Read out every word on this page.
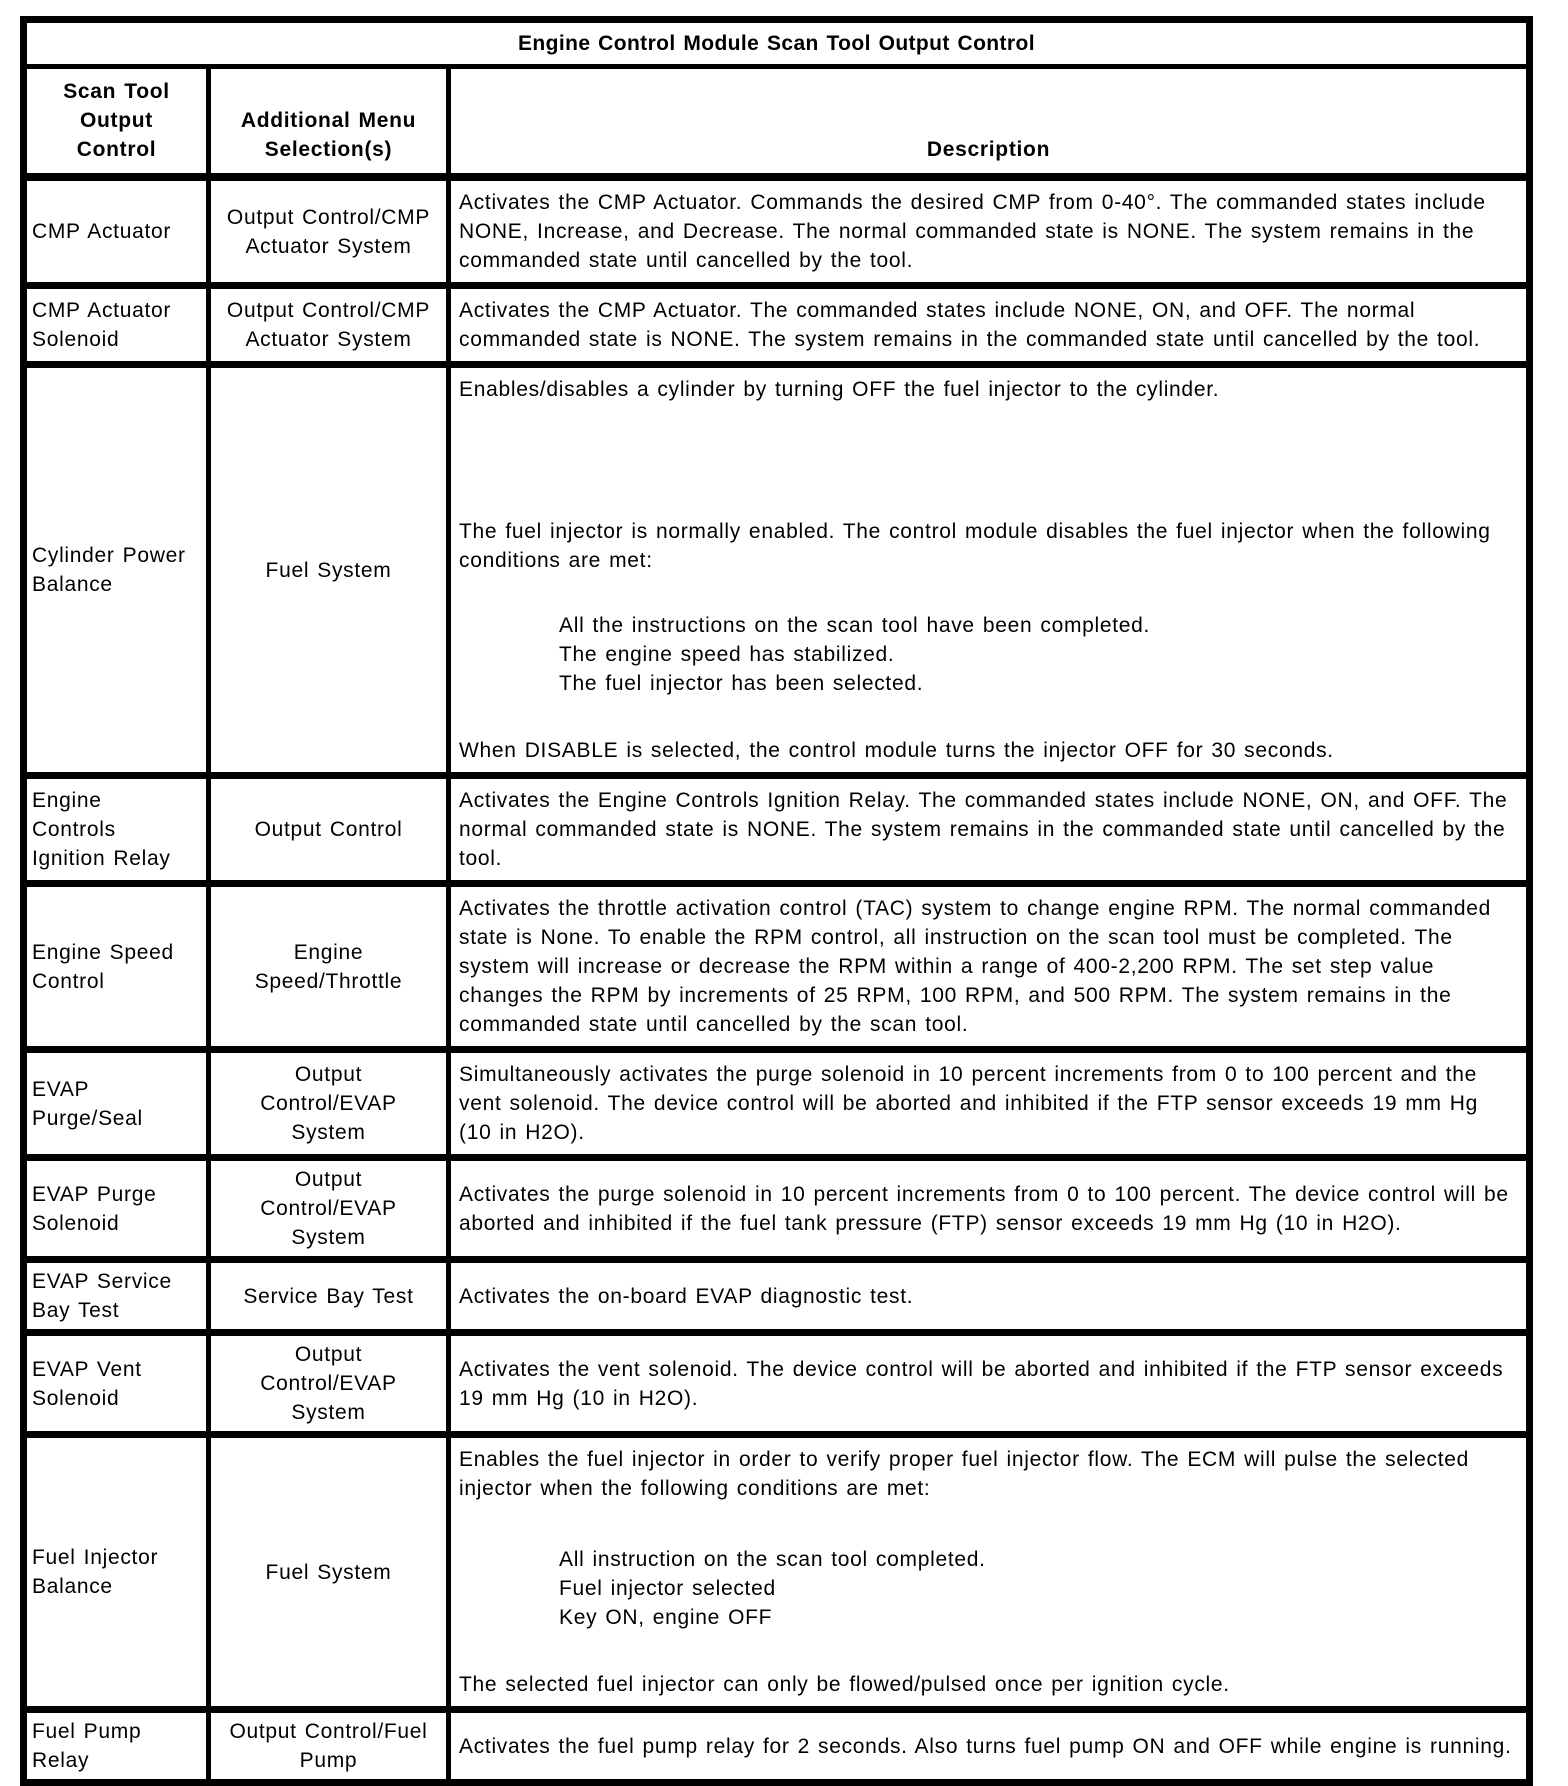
Engine Control Module Scan Tool Output Control		
Scan Tool Output Control	Additional Menu Selection(s)	Description
CMP Actuator	Output Control/CMP Actuator System	Activates the CMP Actuator. Commands the desired CMP from 0-40°. The commanded states include NONE, Increase, and Decrease. The normal commanded state is NONE. The system remains in the commanded state until cancelled by the tool.

CMP Actuator Solenoid	Output Control/CMP Actuator System	Activates the CMP Actuator. The commanded states include NONE, ON, and OFF. The normal commanded state is NONE. The system remains in the commanded state until cancelled by the tool.

Cylinder Power Balance	Fuel System	
Enables/disables a cylinder by turning OFF the fuel injector to the cylinder.
The fuel injector is normally enabled. The control module disables the fuel injector when the following conditions are met:
All the instructions on the scan tool have been completed.
The engine speed has stabilized.
The fuel injector has been selected.
When DISABLE is selected, the control module turns the injector OFF for 30 seconds.

Engine Controls Ignition Relay	Output Control	Activates the Engine Controls Ignition Relay. The commanded states include NONE, ON, and OFF. The normal commanded state is NONE. The system remains in the commanded state until cancelled by the tool.

Engine Speed Control	Engine Speed/Throttle	Activates the throttle activation control (TAC) system to change engine RPM. The normal commanded state is None. To enable the RPM control, all instruction on the scan tool must be completed. The system will increase or decrease the RPM within a range of 400-2,200 RPM. The set step value changes the RPM by increments of 25 RPM, 100 RPM, and 500 RPM. The system remains in the commanded state until cancelled by the scan tool.

EVAP Purge/Seal	Output Control/EVAP System	Simultaneously activates the purge solenoid in 10 percent increments from 0 to 100 percent and the vent solenoid. The device control will be aborted and inhibited if the FTP sensor exceeds 19 mm Hg (10 in H2O).

EVAP Purge Solenoid	Output Control/EVAP System	Activates the purge solenoid in 10 percent increments from 0 to 100 percent. The device control will be aborted and inhibited if the fuel tank pressure (FTP) sensor exceeds 19 mm Hg (10 in H2O).

EVAP Service Bay Test	Service Bay Test	Activates the on-board EVAP diagnostic test.

EVAP Vent Solenoid	Output Control/EVAP System	Activates the vent solenoid. The device control will be aborted and inhibited if the FTP sensor exceeds 19 mm Hg (10 in H2O).

Fuel Injector Balance	Fuel System	Enables the fuel injector in order to verify proper fuel injector flow. The ECM will pulse the selected injector when the following conditions are met:
All instruction on the scan tool completed.
Fuel injector selected
Key ON, engine OFF
The selected fuel injector can only be flowed/pulsed once per ignition cycle.

Fuel Pump Relay	Output Control/Fuel Pump	Activates the fuel pump relay for 2 seconds. Also turns fuel pump ON and OFF while engine is running.
